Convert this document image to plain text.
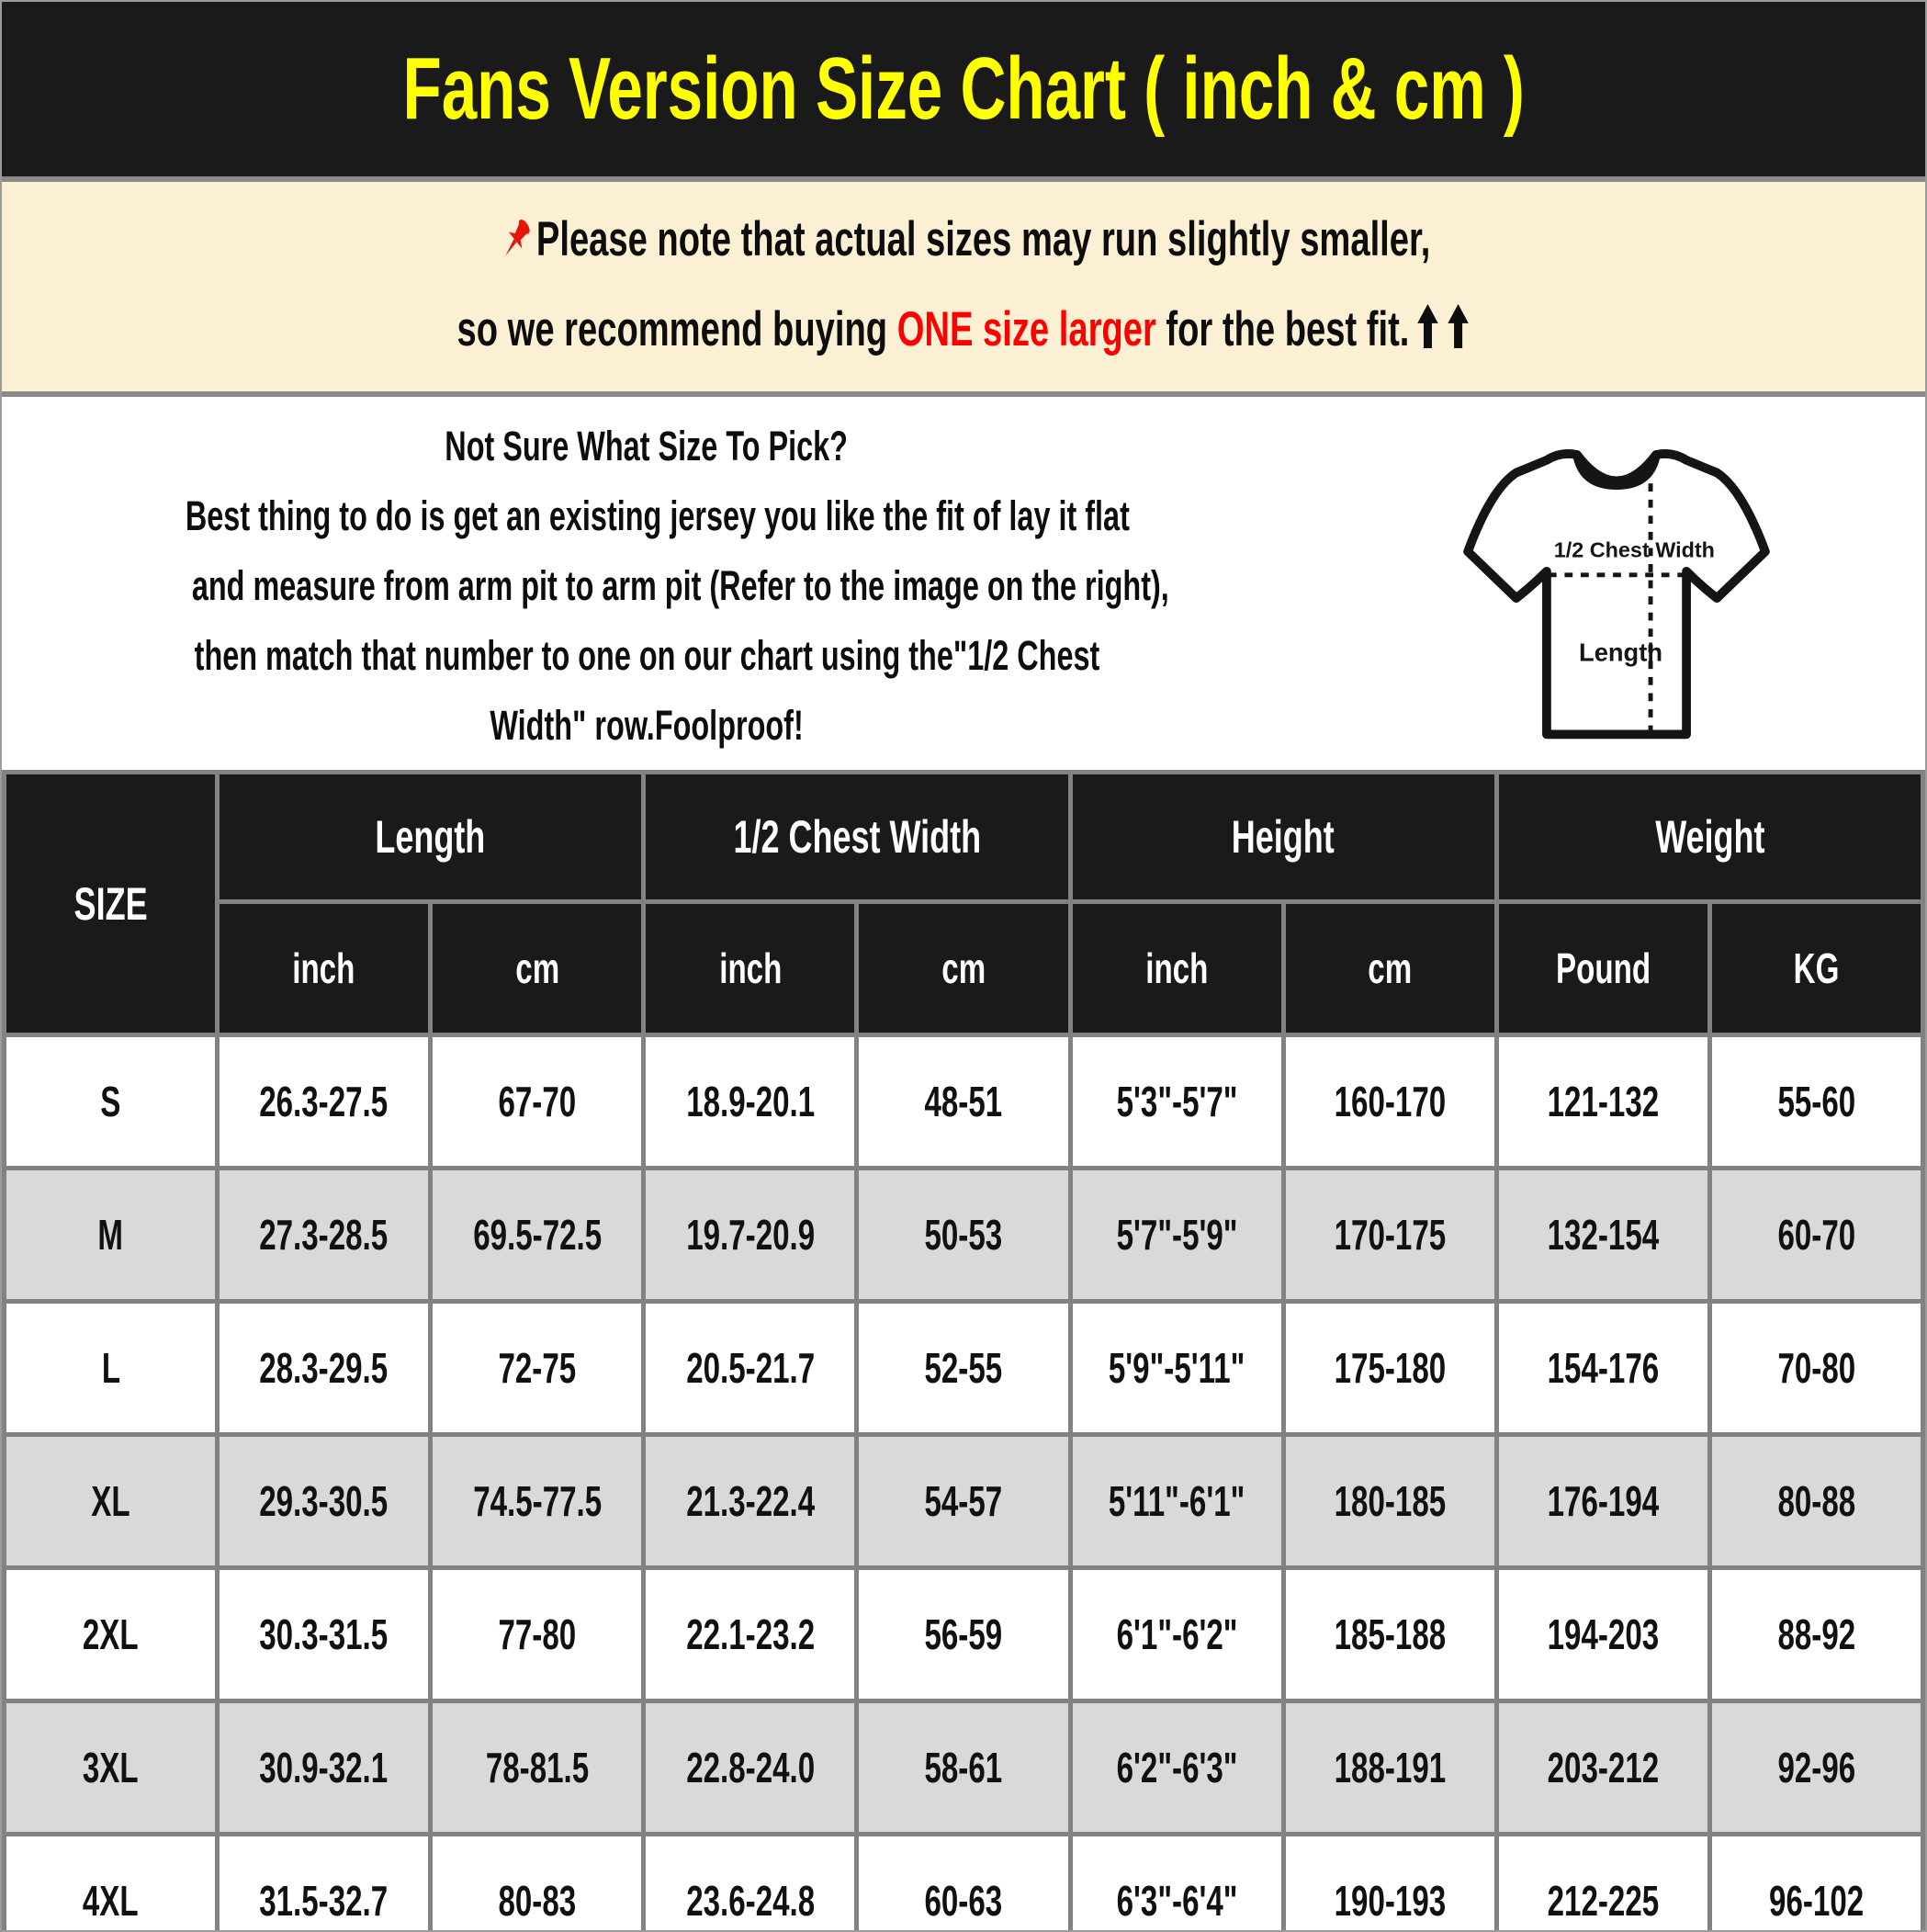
Fans Version Size Chart ( inch & cm )
Please note that actual sizes may run slightly smaller,
so we recommend buying ONE size larger for the best fit.
Not Sure What Size To Pick?
Best thing to do is get an existing jersey you like the fit of lay it flat
and measure from arm pit to arm pit (Refer to the image on the right),
then match that number to one on our chart using the"1/2 Chest
Width" row.Foolproof!
1/2 Chest Width
Length
SIZE	Length		1/2 Chest Width		Height		Weight	
	inch	cm	inch	cm	inch	cm	Pound	KG
S	26.3-27.5	67-70	18.9-20.1	48-51	5'3"-5'7"	160-170	121-132	55-60
M	27.3-28.5	69.5-72.5	19.7-20.9	50-53	5'7"-5'9"	170-175	132-154	60-70
L	28.3-29.5	72-75	20.5-21.7	52-55	5'9"-5'11"	175-180	154-176	70-80
XL	29.3-30.5	74.5-77.5	21.3-22.4	54-57	5'11"-6'1"	180-185	176-194	80-88
2XL	30.3-31.5	77-80	22.1-23.2	56-59	6'1"-6'2"	185-188	194-203	88-92
3XL	30.9-32.1	78-81.5	22.8-24.0	58-61	6'2"-6'3"	188-191	203-212	92-96
4XL	31.5-32.7	80-83	23.6-24.8	60-63	6'3"-6'4"	190-193	212-225	96-102
